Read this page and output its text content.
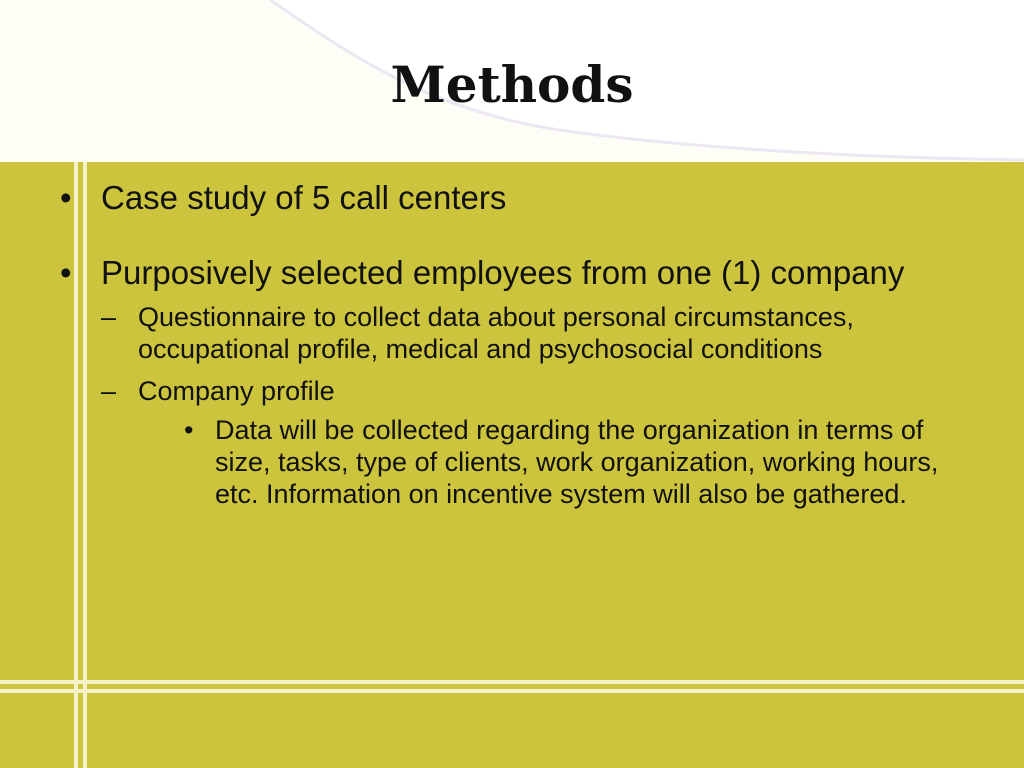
Methods
• Case study of 5 call centers
• Purposively selected employees from one (1) company
– Questionnaire to collect data about personal circumstances, occupational profile, medical and psychosocial conditions
– Company profile
• Data will be collected regarding the organization in terms of size, tasks, type of clients, work organization, working hours, etc. Information on incentive system will also be gathered.
